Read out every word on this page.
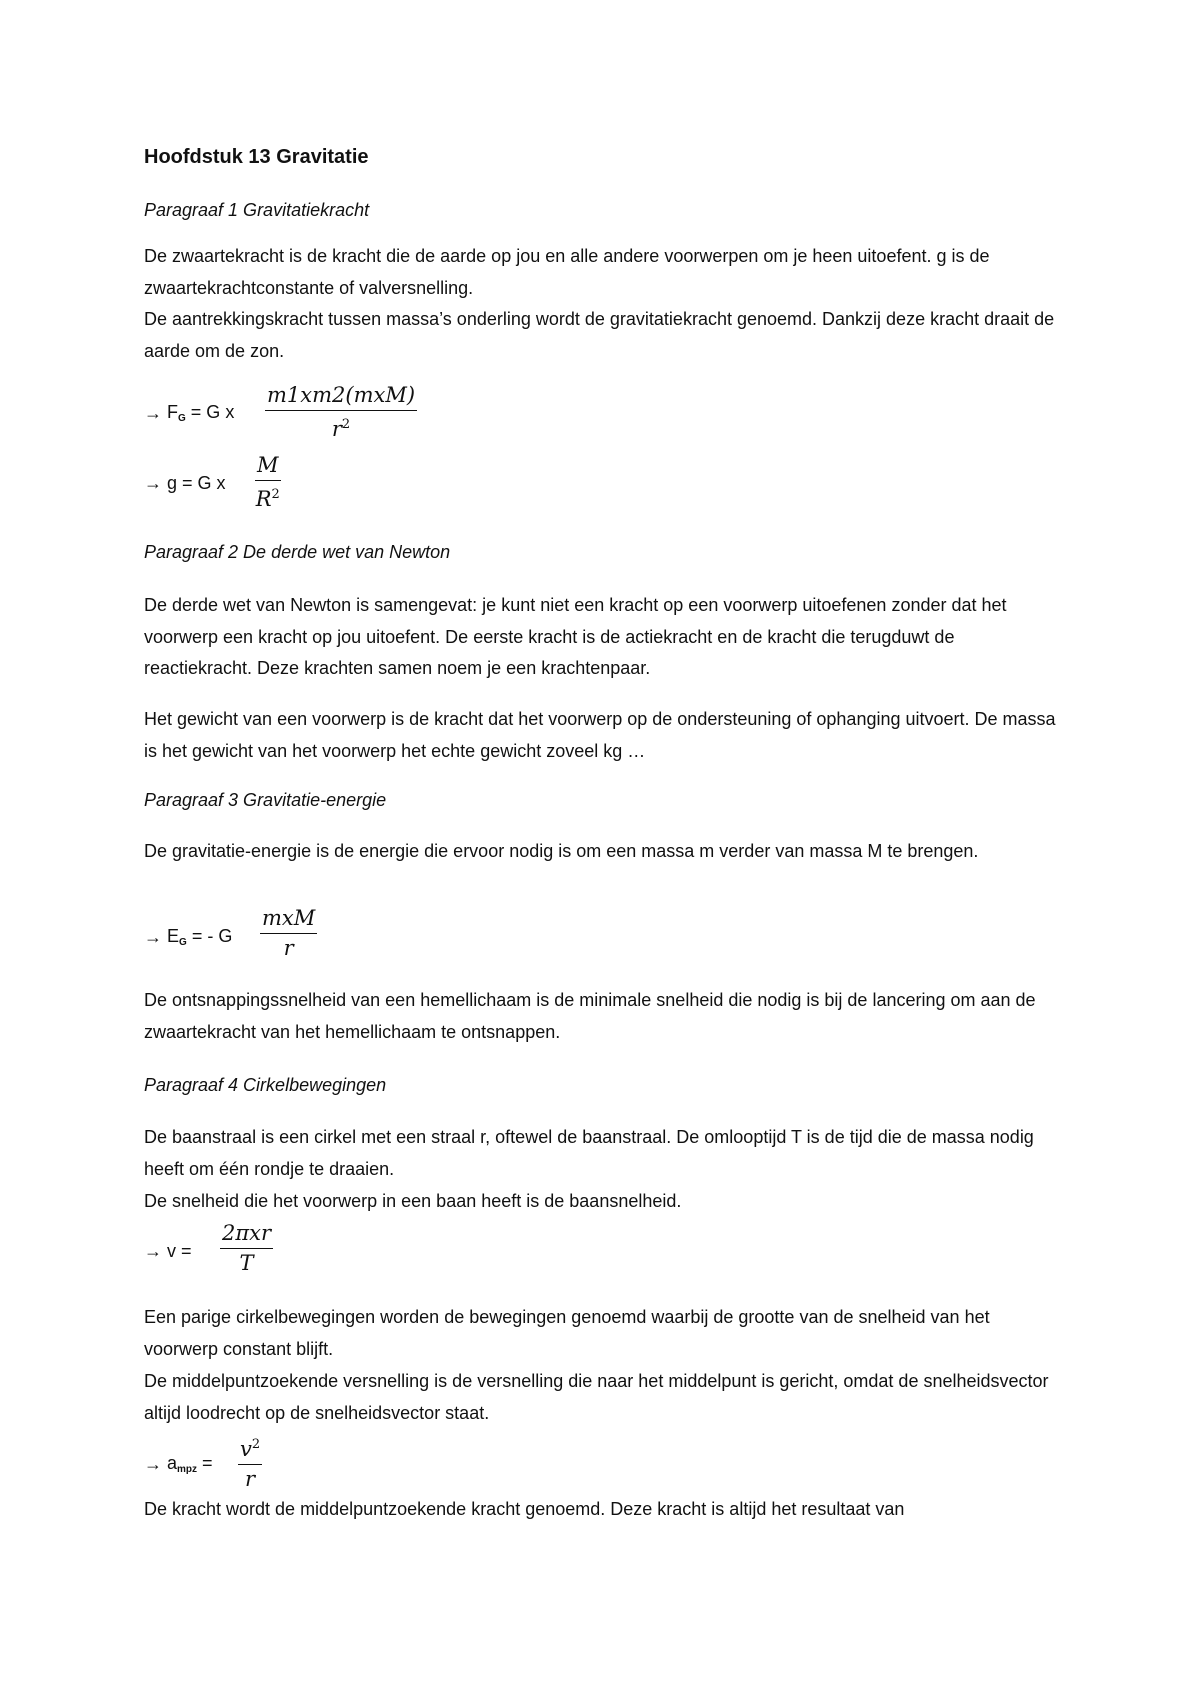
Hoofdstuk 13 Gravitatie

Paragraaf 1 Gravitatiekracht

De zwaartekracht is de kracht die de aarde op jou en alle andere voorwerpen om je heen uitoefent. g is de zwaartekrachtconstante of valversnelling.

De aantrekkingskracht tussen massa’s onderling wordt de gravitatiekracht genoemd. Dankzij deze kracht draait de aarde om de zon.

→ $F_G = G$ x
m1xm2(mxM)
$r^2$
→ g = G x
M
$R^2$

Paragraaf 2 De derde wet van Newton

De derde wet van Newton is samengevat: je kunt niet een kracht op een voorwerp uitoefenen zonder dat het voorwerp een kracht op jou uitoefent. De eerste kracht is de actiekracht en de kracht die terugduwt de reactiekracht. Deze krachten samen noem je een krachtenpaar.

Het gewicht van een voorwerp is de kracht dat het voorwerp op de ondersteuning of ophanging uitvoert. De massa is het gewicht van het voorwerp het echte gewicht zoveel kg …

Paragraaf 3 Gravitatie-energie

De gravitatie-energie is de energie die ervoor nodig is om een massa m verder van massa M te brengen.

→ $E_G$ = - G
mxM
r

De ontsnappingssnelheid van een hemellichaam is de minimale snelheid die nodig is bij de lancering om aan de zwaartekracht van het hemellichaam te ontsnappen.

Paragraaf 4 Cirkelbewegingen

De baanstraal is een cirkel met een straal r, oftewel de baanstraal. De omlooptijd T is de tijd die de massa nodig heeft om één rondje te draaien.

De snelheid die het voorwerp in een baan heeft is de baansnelheid.

→ v =
2πxr
T

Een parige cirkelbewegingen worden de bewegingen genoemd waarbij de grootte van de snelheid van het voorwerp constant blijft.

De middelpuntzoekende versnelling is de versnelling die naar het middelpunt is gericht, omdat de snelheidsvector altijd loodrecht op de snelheidsvector staat.

→ $a_{mpz}$ =
$v^2$
r

De kracht wordt de middelpuntzoekende kracht genoemd. Deze kracht is altijd het resultaat van
